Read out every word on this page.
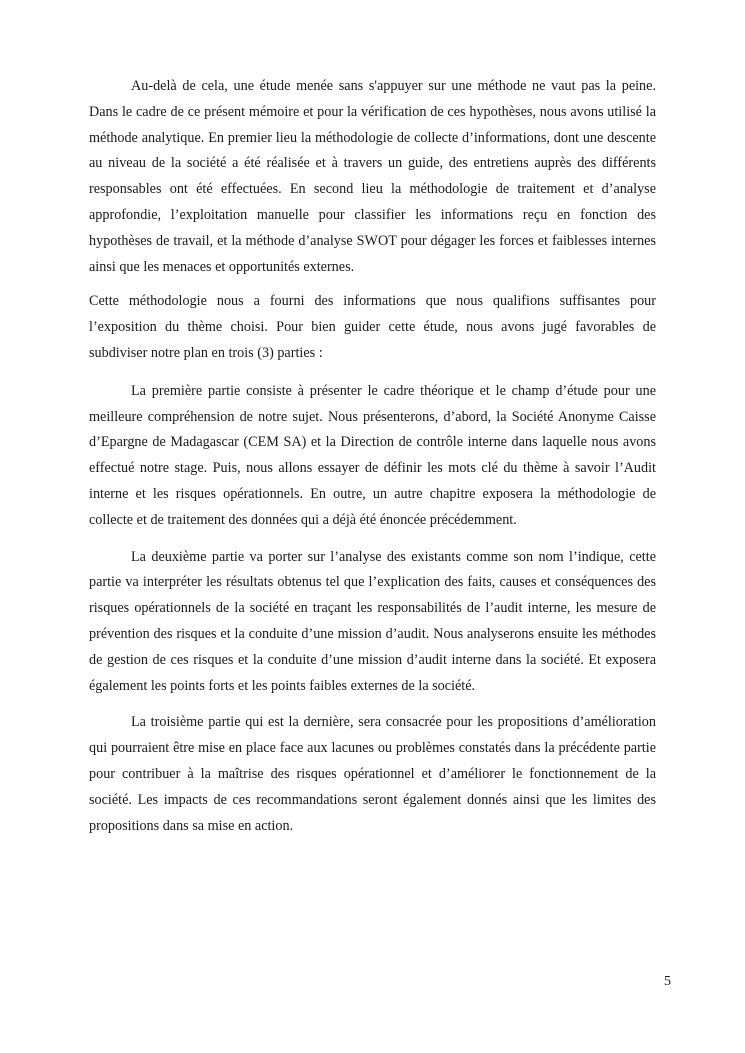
Au-delà de cela, une étude menée sans s'appuyer sur une méthode ne vaut pas la peine. Dans le cadre de ce présent mémoire et pour la vérification de ces hypothèses, nous avons utilisé la méthode analytique. En premier lieu la méthodologie de collecte d’informations, dont une descente au niveau de la société a été réalisée et à travers un guide, des entretiens auprès des différents responsables ont été effectuées. En second lieu la méthodologie de traitement et d’analyse approfondie, l’exploitation manuelle pour classifier les informations reçu en fonction des hypothèses de travail, et la méthode d’analyse SWOT pour dégager les forces et faiblesses internes ainsi que les menaces et opportunités externes.

Cette méthodologie nous a fourni des informations que nous qualifions suffisantes pour l’exposition du thème choisi. Pour bien guider cette étude, nous avons jugé favorables de subdiviser notre plan en trois (3) parties :

La première partie consiste à présenter le cadre théorique et le champ d’étude pour une meilleure compréhension de notre sujet. Nous présenterons, d’abord, la Société Anonyme Caisse d’Epargne de Madagascar (CEM SA) et la Direction de contrôle interne dans laquelle nous avons effectué notre stage. Puis, nous allons essayer de définir les mots clé du thème à savoir l’Audit interne et les risques opérationnels. En outre, un autre chapitre exposera la méthodologie de collecte et de traitement des données qui a déjà été énoncée précédemment.

La deuxième partie va porter sur l’analyse des existants comme son nom l’indique, cette partie va interpréter les résultats obtenus tel que l’explication des faits, causes et conséquences des risques opérationnels de la société en traçant les responsabilités de l’audit interne, les mesure de prévention des risques et la conduite d’une mission d’audit. Nous analyserons ensuite les méthodes de gestion de ces risques et la conduite d’une mission d’audit interne dans la société. Et exposera également les points forts et les points faibles externes de la société.

La troisième partie qui est la dernière, sera consacrée pour les propositions d’amélioration qui pourraient être mise en place face aux lacunes ou problèmes constatés dans la précédente partie pour contribuer à la maîtrise des risques opérationnel et d’améliorer le fonctionnement de la société. Les impacts de ces recommandations seront également donnés ainsi que les limites des propositions dans sa mise en action.

5
